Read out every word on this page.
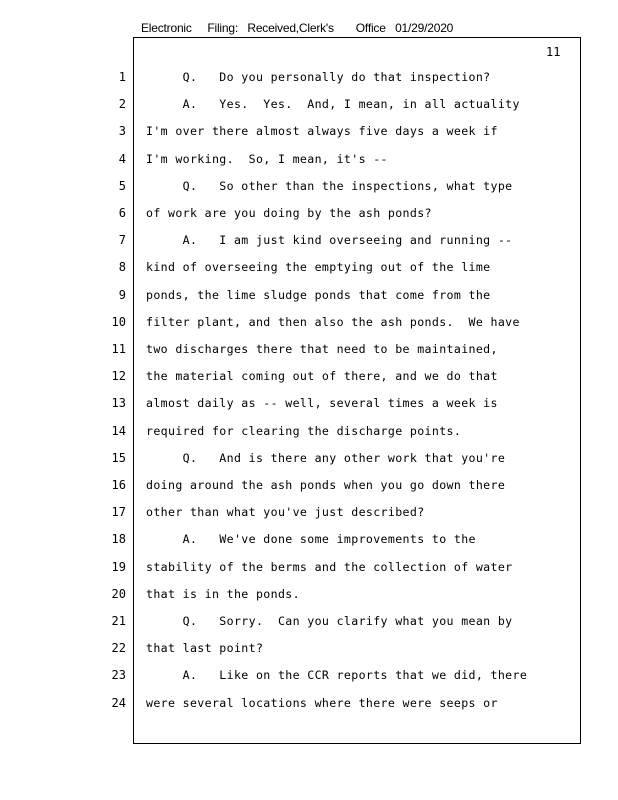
Electronic     Filing:   Received,Clerk's       Office   01/29/2020
11
1
2
3
4
5
6
7
8
9
10
11
12
13
14
15
16
17
18
19
20
21
22
23
24
Q.   Do you personally do that inspection?
A.   Yes.  Yes.  And, I mean, in all actuality
I'm over there almost always five days a week if
I'm working.  So, I mean, it's --
Q.   So other than the inspections, what type
of work are you doing by the ash ponds?
A.   I am just kind overseeing and running --
kind of overseeing the emptying out of the lime
ponds, the lime sludge ponds that come from the
filter plant, and then also the ash ponds.  We have
two discharges there that need to be maintained,
the material coming out of there, and we do that
almost daily as -- well, several times a week is
required for clearing the discharge points.
Q.   And is there any other work that you're
doing around the ash ponds when you go down there
other than what you've just described?
A.   We've done some improvements to the
stability of the berms and the collection of water
that is in the ponds.
Q.   Sorry.  Can you clarify what you mean by
that last point?
A.   Like on the CCR reports that we did, there
were several locations where there were seeps or
